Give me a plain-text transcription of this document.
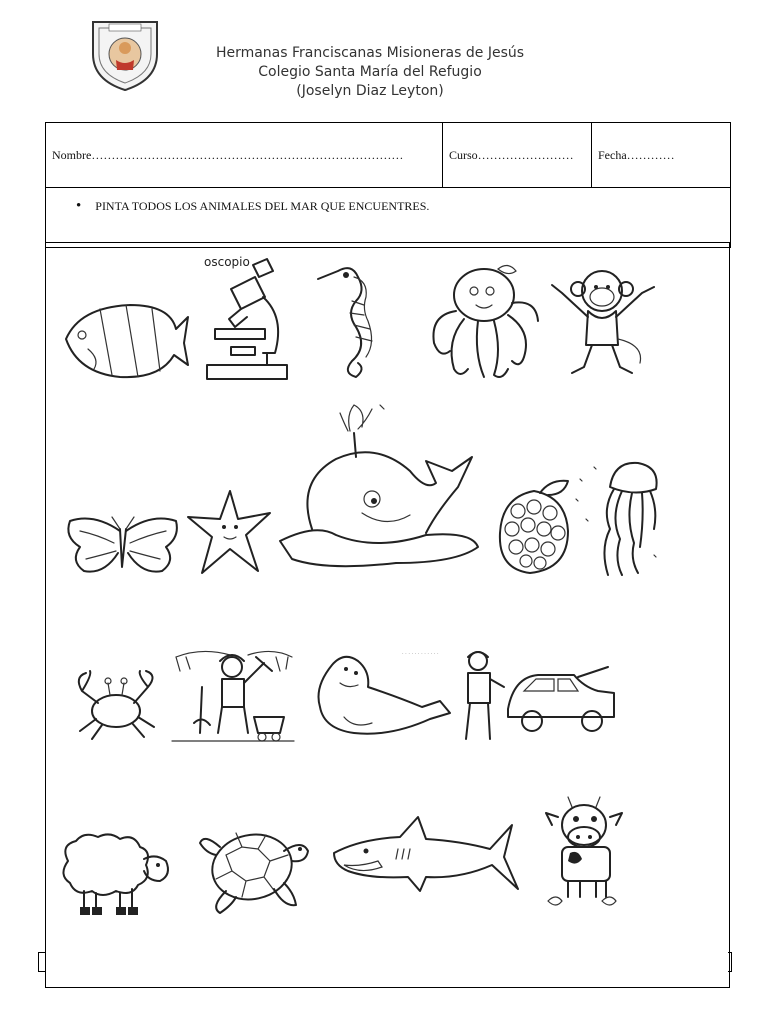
Hermanas Franciscanas Misioneras de Jesús
Colegio Santa María del Refugio
(Joselyn Diaz Leyton)
Nombre……………………………………………………………………	Curso……………………	Fecha…………

• PINTA TODOS LOS ANIMALES DEL MAR QUE ENCUENTRES.
oscopio
· · · · · · · · · · · ·
